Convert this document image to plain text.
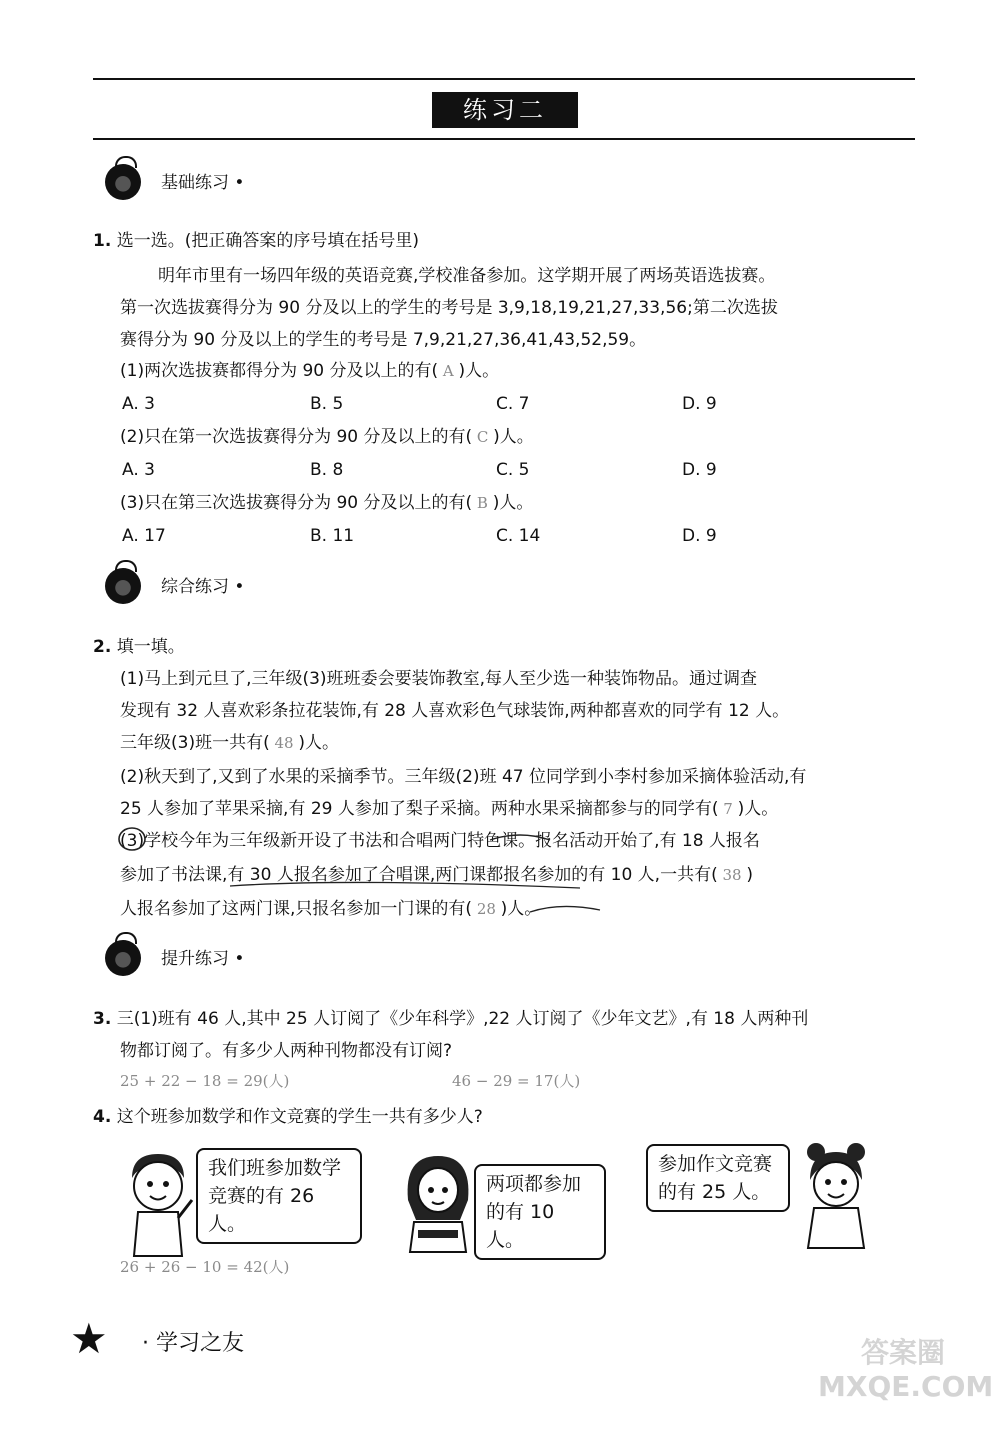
练习二
基础练习 •
1. 选一选。(把正确答案的序号填在括号里)
明年市里有一场四年级的英语竞赛,学校准备参加。这学期开展了两场英语选拔赛。
第一次选拔赛得分为 90 分及以上的学生的考号是 3,9,18,19,21,27,33,56;第二次选拔
赛得分为 90 分及以上的学生的考号是 7,9,21,27,36,41,43,52,59。
(1)两次选拔赛都得分为 90 分及以上的有( A )人。
A. 3	B. 5	C. 7	D. 9
(2)只在第一次选拔赛得分为 90 分及以上的有( C )人。
A. 3	B. 8	C. 5	D. 9
(3)只在第三次选拔赛得分为 90 分及以上的有( B )人。
A. 17	B. 11	C. 14	D. 9
综合练习 •
2. 填一填。
(1)马上到元旦了,三年级(3)班班委会要装饰教室,每人至少选一种装饰物品。通过调查
发现有 32 人喜欢彩条拉花装饰,有 28 人喜欢彩色气球装饰,两种都喜欢的同学有 12 人。
三年级(3)班一共有( 48 )人。
(2)秋天到了,又到了水果的采摘季节。三年级(2)班 47 位同学到小李村参加采摘体验活动,有
25 人参加了苹果采摘,有 29 人参加了梨子采摘。两种水果采摘都参与的同学有( 7 )人。
(3)学校今年为三年级新开设了书法和合唱两门特色课。报名活动开始了,有 18 人报名
参加了书法课,有 30 人报名参加了合唱课,两门课都报名参加的有 10 人,一共有( 38 )
人报名参加了这两门课,只报名参加一门课的有( 28 )人。
提升练习 •
3. 三(1)班有 46 人,其中 25 人订阅了《少年科学》,22 人订阅了《少年文艺》,有 18 人两种刊
物都订阅了。有多少人两种刊物都没有订阅?
25 + 22 − 18 = 29(人)	46 − 29 = 17(人)
4. 这个班参加数学和作文竞赛的学生一共有多少人?
我们班参加数学
竞赛的有 26 人。
两项都参加
的有 10 人。
参加作文竞赛
的有 25 人。
26 + 26 − 10 = 42(人)
★ · 学习之友	答案圈 MXQE.COM
